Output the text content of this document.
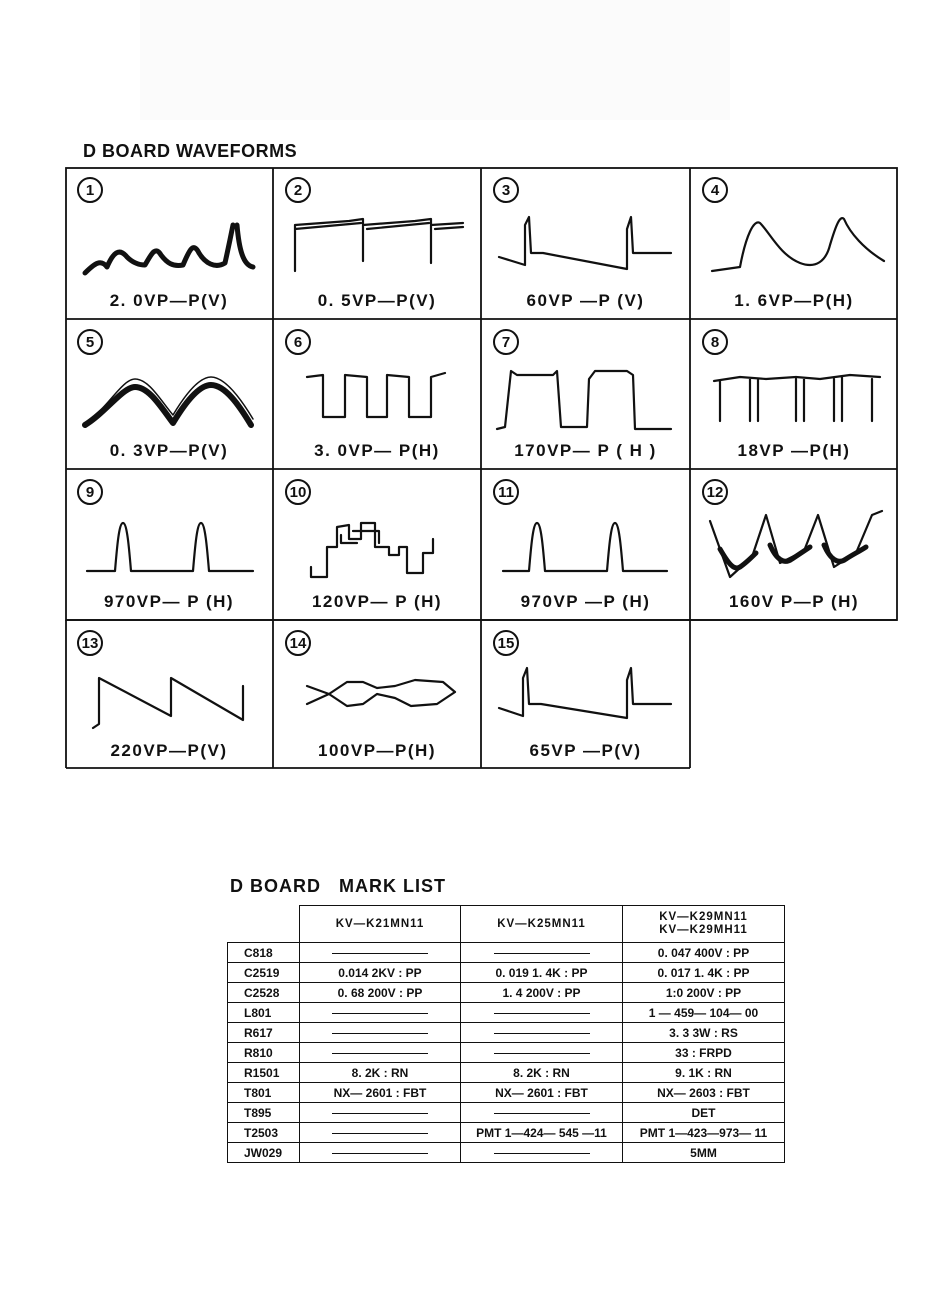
D BOARD WAVEFORMS
1
2. 0VP—P(V)
2
0. 5VP—P(V)
3
60VP —P (V)
4
1. 6VP—P(H)
5
0. 3VP—P(V)
6
3. 0VP— P(H)
7
170VP— P ( H )
8
18VP —P(H)
9
970VP— P (H)
10
120VP— P (H)
11
970VP —P (H)
12
160V P—P (H)
13
220VP—P(V)
14
100VP—P(H)
15
65VP —P(V)
D BOARD   MARK LIST
	KV—K21MN11	KV—K25MN11	KV—K29MN11
KV—K29MH11
C818			0. 047 400V : PP
C2519	0.014 2KV : PP	0. 019 1. 4K : PP	0. 017 1. 4K : PP
C2528	0. 68 200V : PP	1. 4 200V : PP	1:0 200V : PP
L801			1 — 459— 104— 00
R617			3. 3 3W : RS
R810			33 : FRPD
R1501	8. 2K : RN	8. 2K : RN	9. 1K : RN
T801	NX— 2601 : FBT	NX— 2601 : FBT	NX— 2603 : FBT
T895			DET
T2503		PMT 1—424— 545 —11	PMT 1—423—973— 11
JW029			5MM
